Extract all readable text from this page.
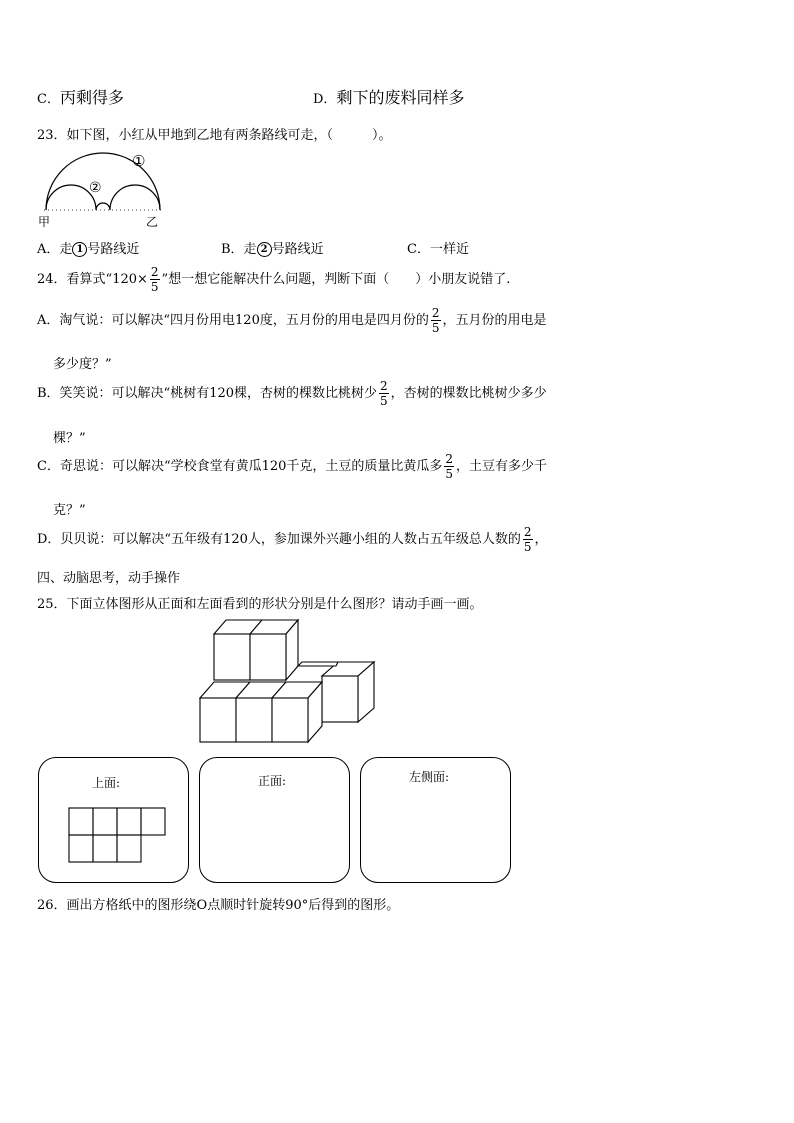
C．丙剩得多	D．剩下的废料同样多
23．如下图，小红从甲地到乙地有两条路线可走，（　　　）。
①
②
甲	乙
A．走 1 号路线近	B．走 2 号路线近	C．一样近
24．看算式“$120\times \frac{2}{5}$ ”想一想它能解决什么问题，判断下面（　　）小朋友说错了.
A．淘气说：可以解决“四月份用电120度，五月份的用电是四月份的 $\frac{2}{5}$ ，五月份的用电是
多少度？”
B．笑笑说：可以解决“桃树有120棵，杏树的棵数比桃树少 $\frac{2}{5}$ ，杏树的棵数比桃树少多少
棵？”
C．奇思说：可以解决“学校食堂有黄瓜120千克，土豆的质量比黄瓜多 $\frac{2}{5}$ ，土豆有多少千
克？”
D．贝贝说：可以解决“五年级有120人，参加课外兴趣小组的人数占五年级总人数的 $\frac{2}{5}$ ，
四、动脑思考，动手操作
25．下面立体图形从正面和左面看到的形状分别是什么图形？请动手画一画。
上面:	正面:	左侧面:
26．画出方格纸中的图形绕O点顺时针旋转90°后得到的图形。
